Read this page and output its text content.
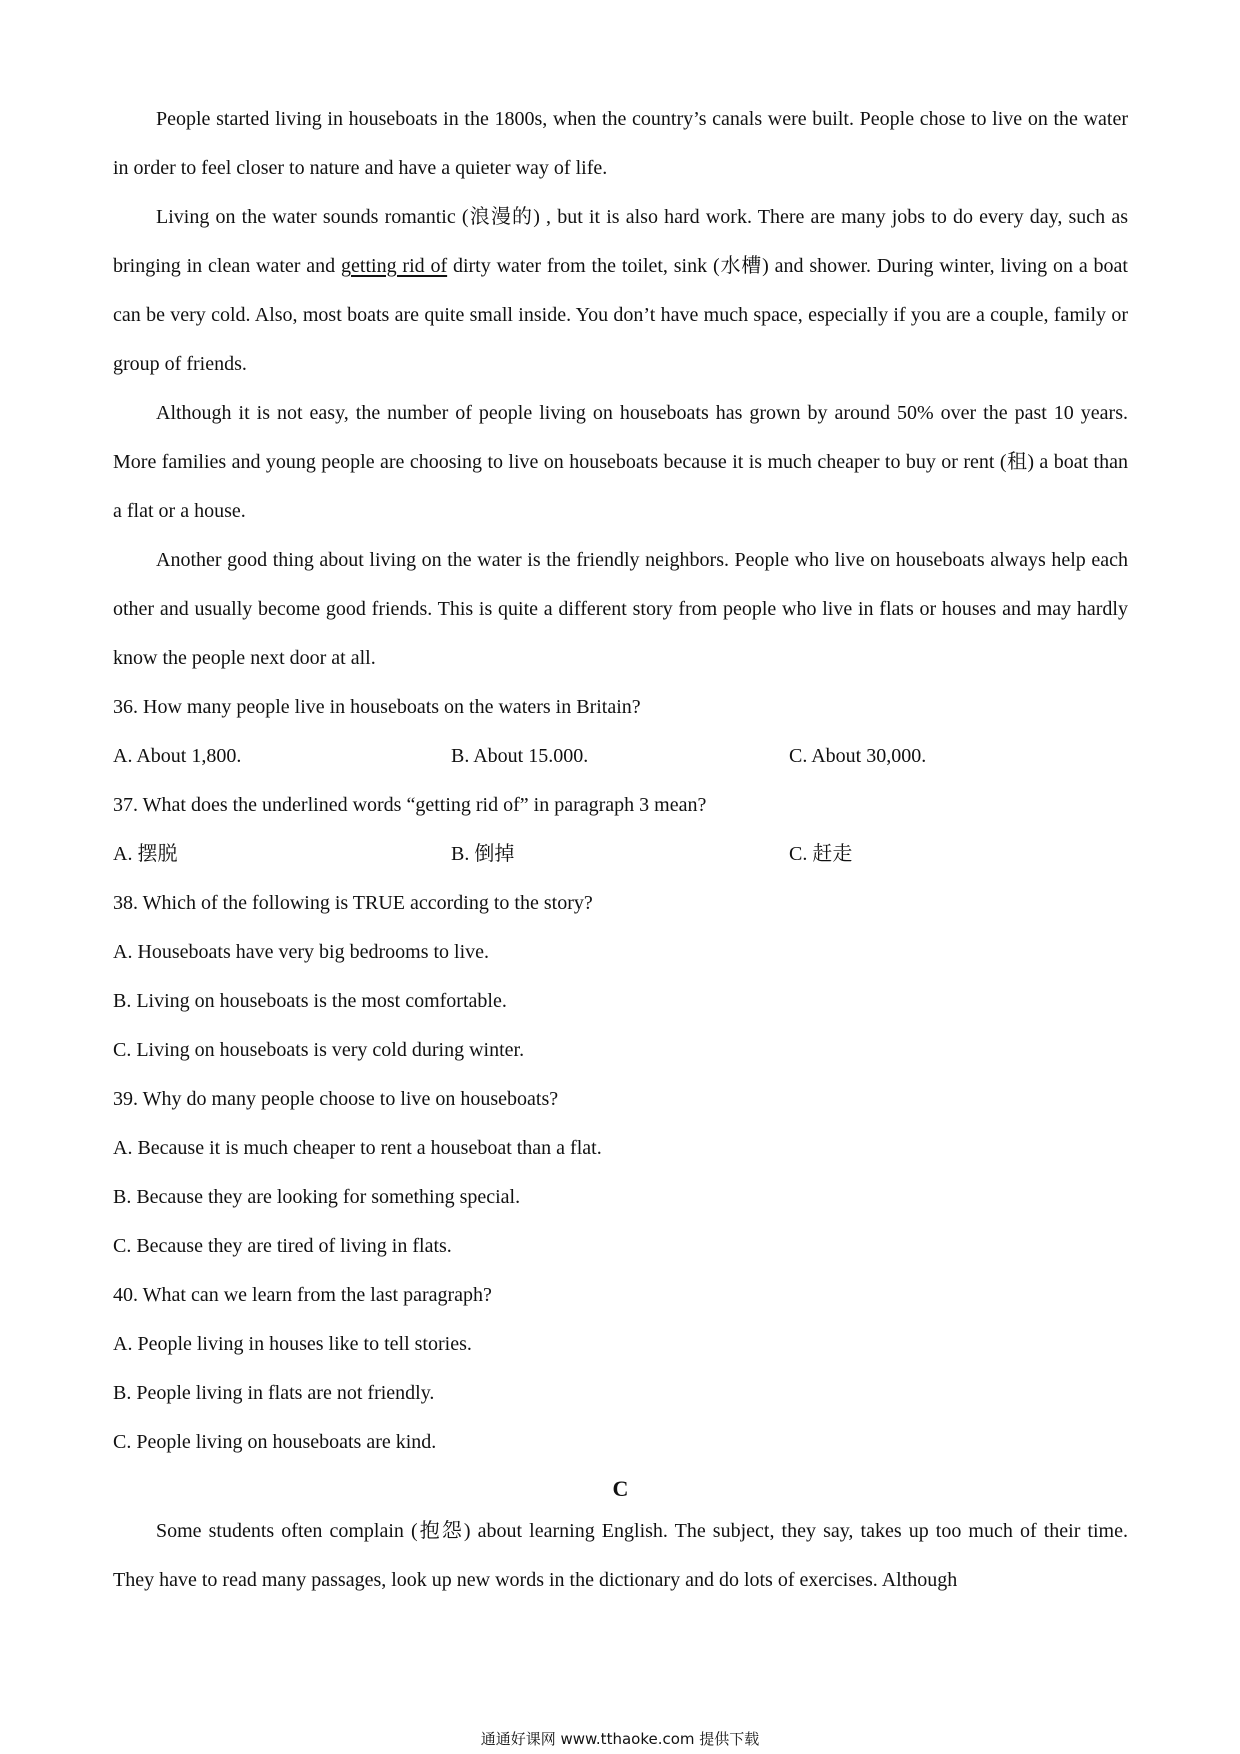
People started living in houseboats in the 1800s, when the country’s canals were built. People chose to live on the water in order to feel closer to nature and have a quieter way of life.

Living on the water sounds romantic (浪漫的) , but it is also hard work. There are many jobs to do every day, such as bringing in clean water and getting rid of dirty water from the toilet, sink (水槽) and shower. During winter, living on a boat can be very cold. Also, most boats are quite small inside. You don’t have much space, especially if you are a couple, family or group of friends.

Although it is not easy, the number of people living on houseboats has grown by around 50% over the past 10 years. More families and young people are choosing to live on houseboats because it is much cheaper to buy or rent (租) a boat than a flat or a house.

Another good thing about living on the water is the friendly neighbors. People who live on houseboats always help each other and usually become good friends. This is quite a different story from people who live in flats or houses and may hardly know the people next door at all.

36. How many people live in houseboats on the waters in Britain?

A. About 1,800.	B. About 15.000.	C. About 30,000.

37. What does the underlined words “getting rid of” in paragraph 3 mean?

A. 摆脱	B. 倒掉	C. 赶走

38. Which of the following is TRUE according to the story?

A. Houseboats have very big bedrooms to live.

B. Living on houseboats is the most comfortable.

C. Living on houseboats is very cold during winter.

39. Why do many people choose to live on houseboats?

A. Because it is much cheaper to rent a houseboat than a flat.

B. Because they are looking for something special.

C. Because they are tired of living in flats.

40. What can we learn from the last paragraph?

A. People living in houses like to tell stories.

B. People living in flats are not friendly.

C. People living on houseboats are kind.

C

Some students often complain (抱怨) about learning English. The subject, they say, takes up too much of their time. They have to read many passages, look up new words in the dictionary and do lots of exercises. Although

通通好课网 www.tthaoke.com 提供下载
